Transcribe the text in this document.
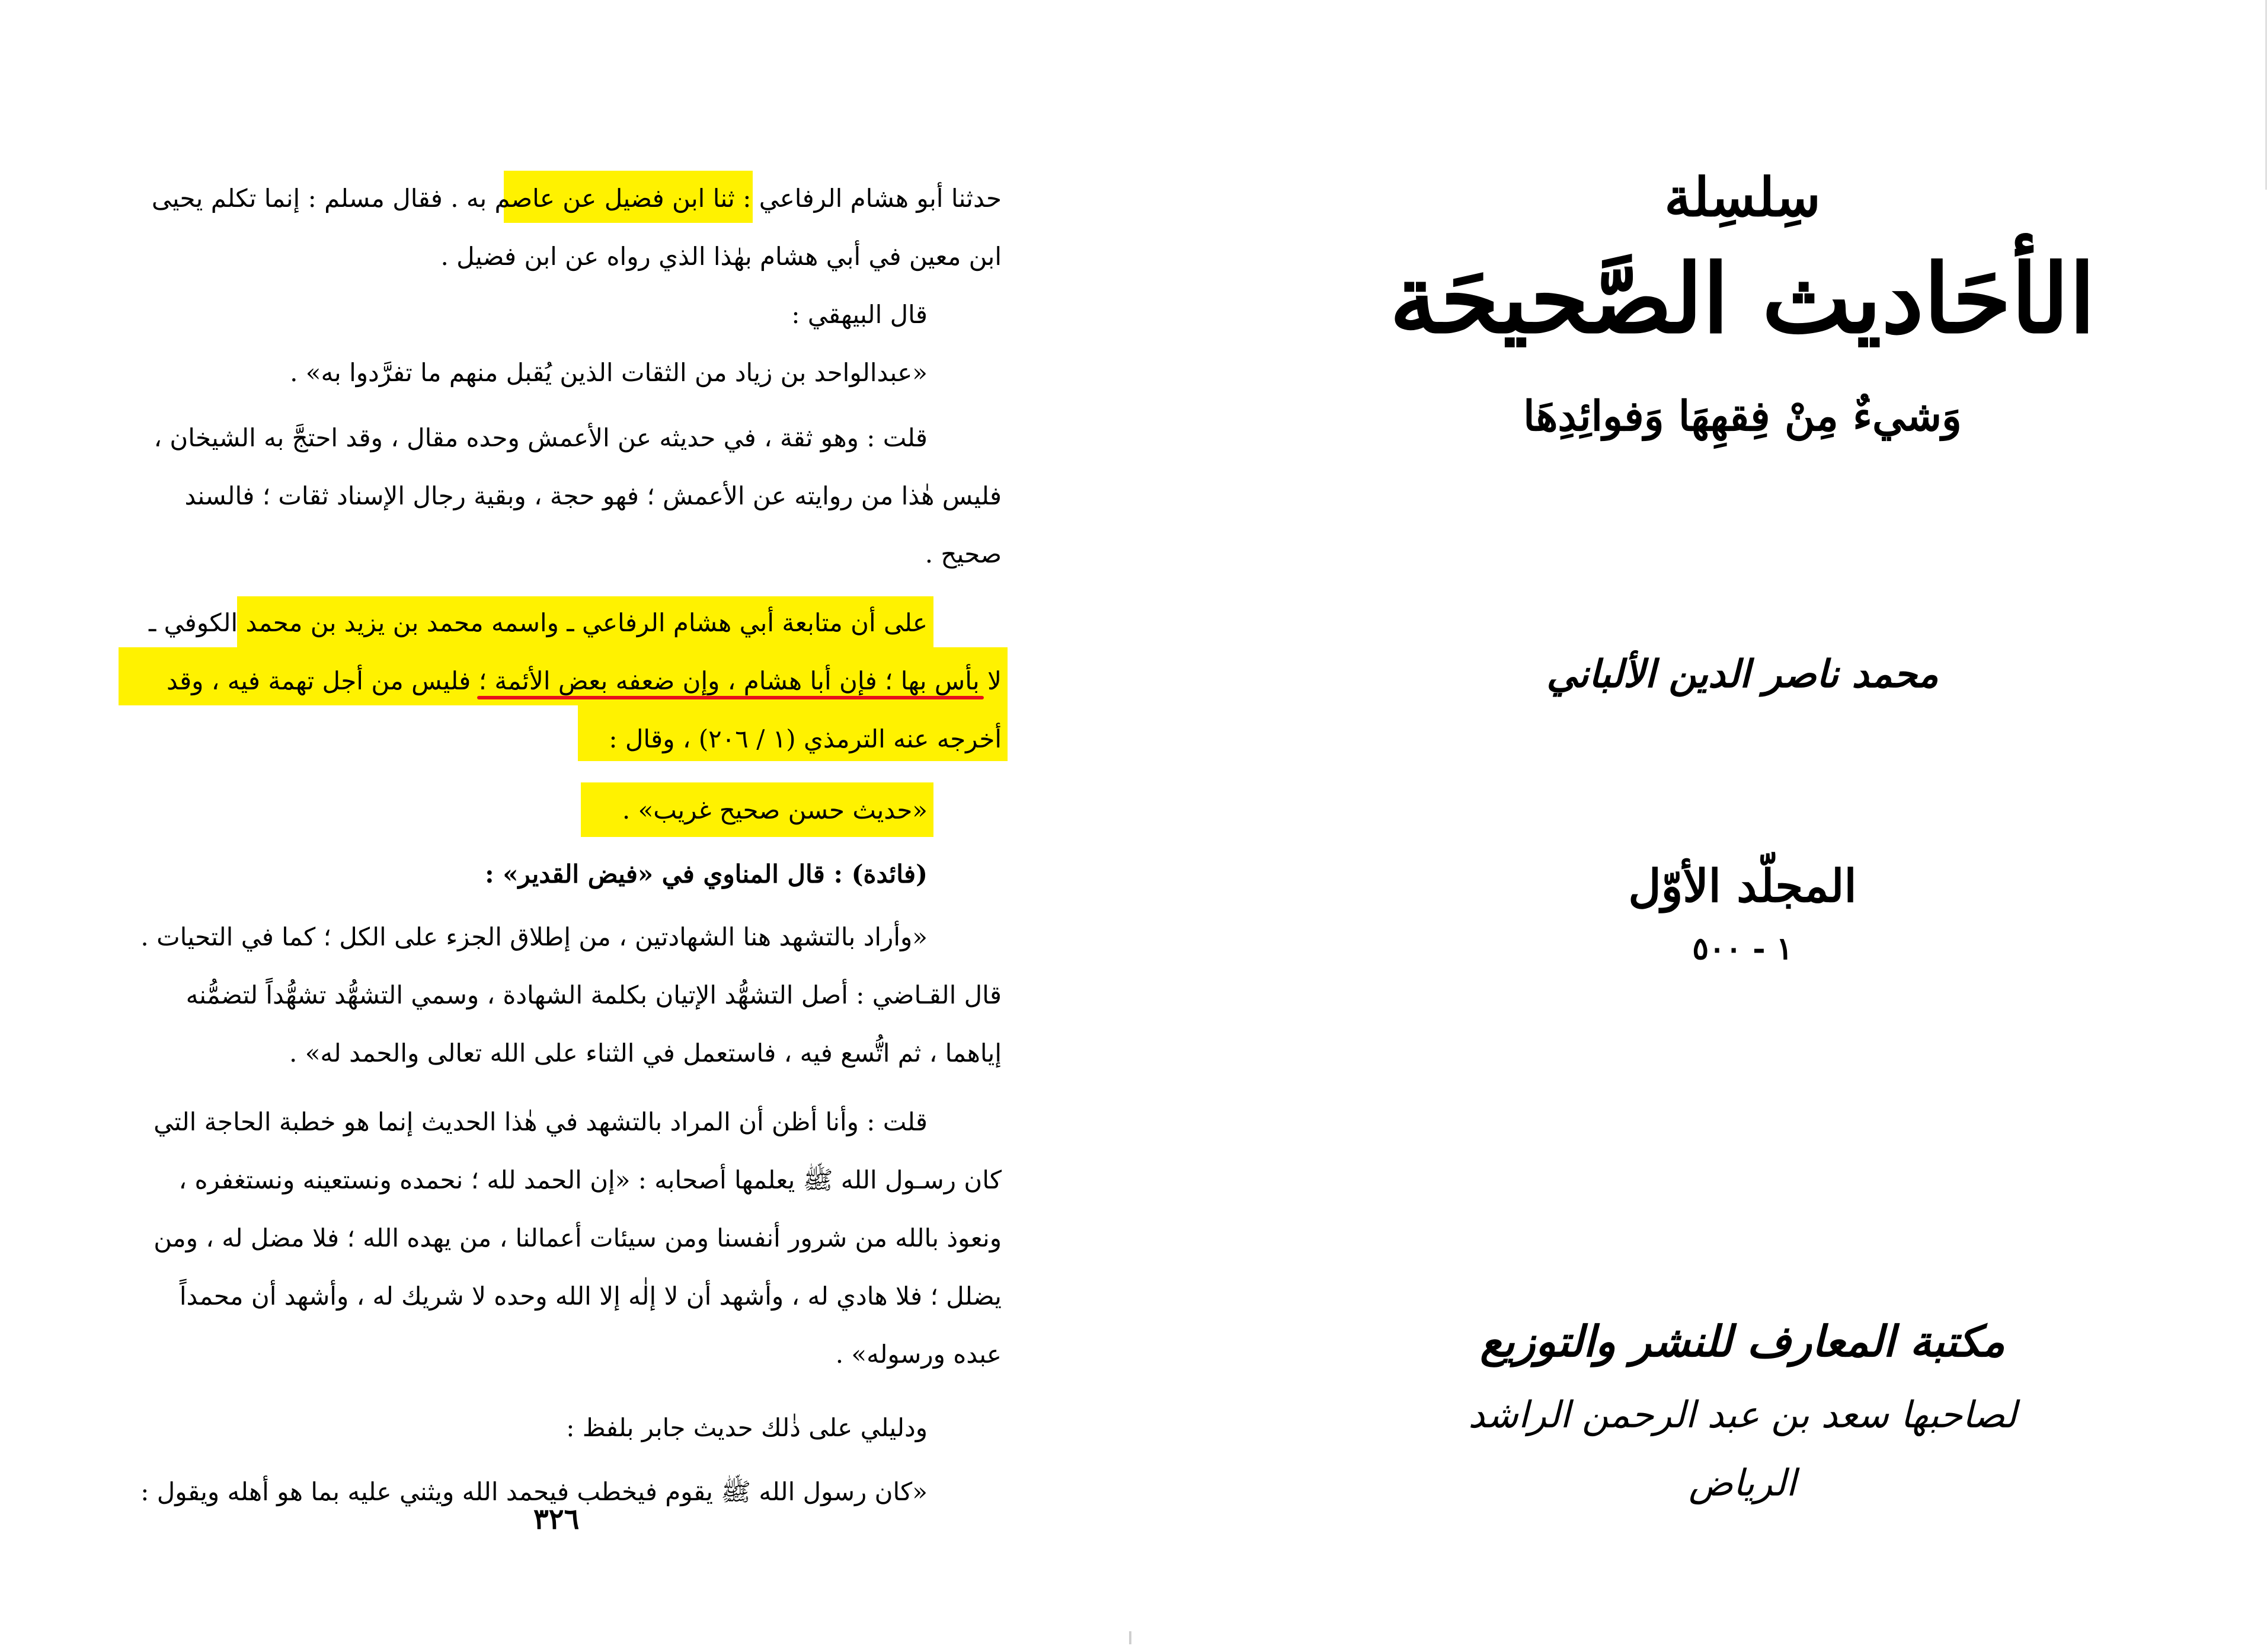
حدثنا أبو هشام الرفاعي : ثنا ابن فضيل عن عاصم به . فقال مسلم : إنما تكلم يحيى
ابن معين في أبي هشام بهٰذا الذي رواه عن ابن فضيل .
قال البيهقي :
«عبدالواحد بن زياد من الثقات الذين يُقبل منهم ما تفرَّدوا به» .
قلت : وهو ثقة ، في حديثه عن الأعمش وحده مقال ، وقد احتجَّ به الشيخان ،
فليس هٰذا من روايته عن الأعمش ؛ فهو حجة ، وبقية رجال الإسناد ثقات ؛ فالسند
صحيح .
على أن متابعة أبي هشام الرفاعي ـ واسمه محمد بن يزيد بن محمد الكوفي ـ
لا بأس بها ؛ فإن أبا هشام ، وإن ضعفه بعض الأئمة ؛ فليس من أجل تهمة فيه ، وقد
أخرجه عنه الترمذي (١ / ٢٠٦) ، وقال :
«حديث حسن صحيح غريب» .
(فائدة) : قال المناوي في «فيض القدير» :
«وأراد بالتشهد هنا الشهادتين ، من إطلاق الجزء على الكل ؛ كما في التحيات .
قال القـاضي : أصل التشهُّد الإتيان بكلمة الشهادة ، وسمي التشهُّد تشهُّداً لتضمُّنه
إياهما ، ثم اتُّسع فيه ، فاستعمل في الثناء على الله تعالى والحمد له» .
قلت : وأنا أظن أن المراد بالتشهد في هٰذا الحديث إنما هو خطبة الحاجة التي
كان رسـول الله ﷺ يعلمها أصحابه : «إن الحمد لله ؛ نحمده ونستعينه ونستغفره ،
ونعوذ بالله من شرور أنفسنا ومن سيئات أعمالنا ، من يهده الله ؛ فلا مضل له ، ومن
يضلل ؛ فلا هادي له ، وأشهد أن لا إلٰه إلا الله وحده لا شريك له ، وأشهد أن محمداً
عبده ورسوله» .
ودليلي على ذٰلك حديث جابر بلفظ :
«كان رسول الله ﷺ يقوم فيخطب فيحمد الله ويثني عليه بما هو أهله ويقول :
٣٢٦
سِلسِلة
الأحَاديث الصَّحيحَة
وَشيءٌ مِنْ فِقهِهَا وَفوائِدِهَا
محمد ناصر الدين الألباني
المجلّد الأوّل
١ - ٥٠٠
مكتبة المعارف للنشر والتوزيع
لصاحبها سعد بن عبد الرحمن الراشد
الرياض
